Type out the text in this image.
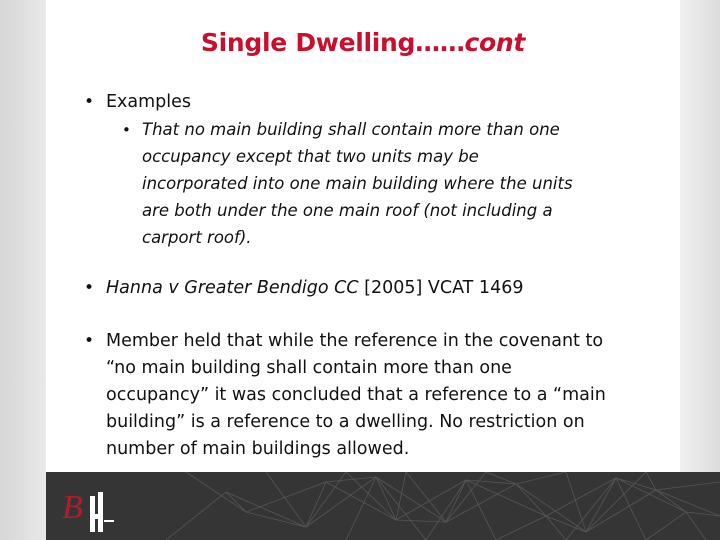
Single Dwelling……cont
• Examples
• That no main building shall contain more than one
occupancy except that two units may be
incorporated into one main building where the units
are both under the one main roof (not including a
carport roof).
• Hanna v Greater Bendigo CC [2005] VCAT 1469
• Member held that while the reference in the covenant to
“no main building shall contain more than one
occupancy” it was concluded that a reference to a “main
building” is a reference to a dwelling. No restriction on
number of main buildings allowed.
B
